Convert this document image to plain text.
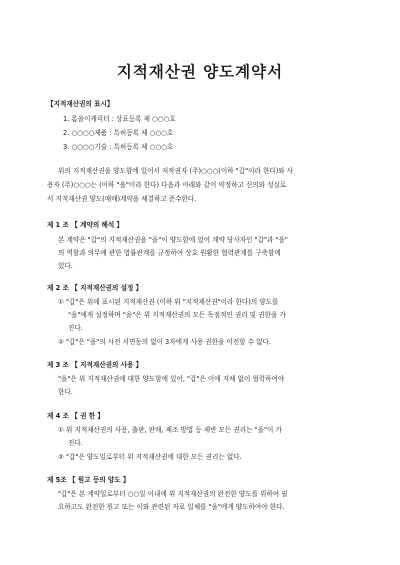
지적재산권 양도계약서
【지적재산권의 표시】
1. 롬을이캐릭터 : 상표등록 제 ○○○호
2. ○○○○제품 : 특허등록 제 ○○○호
3. ○○○○기술 : 특허등록 제 ○○○호
위의 지적재산권을 양도함에 있어서 저작권자 (주)○○○(이하 "갑"이라 한다)와 사
용자 (주)○○○는 (이하 "을"이라 한다) 다음과 아래와 같이 약정하고 신의와 성실로
서 지적재산권 양도(매매)계약을 체결하고 준수한다.
제 1 조 【 계약의 해석 】
본 계약은 "갑"의 지적재산권을 "을"이 양도함에 있어 계약 당사자인 "갑"과 "을"
의 역할과 의무에 관한 법률관계를 규정하여 상호 원활한 협력관계를 구축함에
있다.
제 2 조 【 지적재산권의 설정 】
① "갑"은 위에 표시된 지적재산권 (이하 위 "지적재산권"이라 한다)의 양도를
"을"에게 설정하며 "을"은 위 지적재산권의 모든 독점적인 권리 및 권한을 가
진다.
② "갑"은 "을"의 사전 서면동의 없이 3자에게 사용 권한을 이전할 수 없다.
제 3 조 【 지적재산권의 사용 】
"을"은 위 지적재산권에 대한 양도함에 있어, "갑"은 이에 지체 없이 협력하여야
한다.
제 4 조 【 권 한 】
① 위 지적재산권의 사용, 출판, 판매, 제조 방법 등 제반 모든 권리는 "을"이 가
진다.
② "갑"은 양도일로부터 위 지적재산권에 대한 모든 권리는 없다.
제 5조 【 원고 등의 양도 】
"갑"은 본 계약일로부터 ○○일 이내에 위 지적재산권의 완전한 양도를 위하여 필
요하고도 완전한 원고 또는 이와 관련된 자료 일체를 "을"에게 양도하여야 한다.
